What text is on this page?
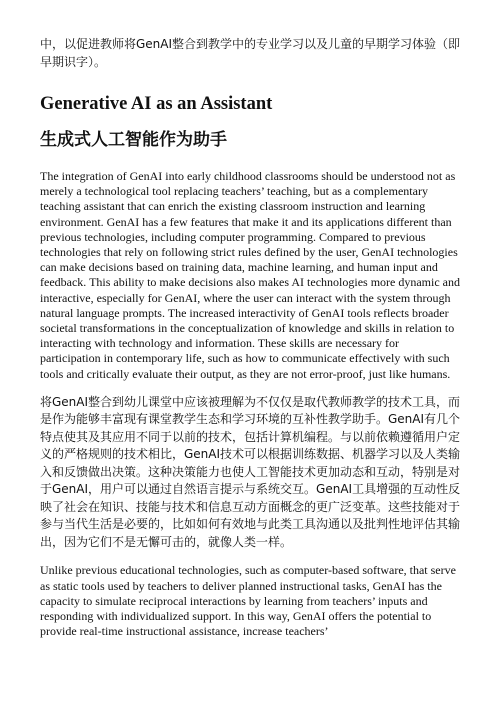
中，以促进教师将GenAI整合到教学中的专业学习以及儿童的早期学习体验（即早期识字）。

Generative AI as an Assistant
生成式人工智能作为助手

The integration of GenAI into early childhood classrooms should be understood not as merely a technological tool replacing teachers’ teaching, but as a complementary teaching assistant that can enrich the existing classroom instruction and learning environment. GenAI has a few features that make it and its applications different than previous technologies, including computer programming. Compared to previous technologies that rely on following strict rules defined by the user, GenAI technologies can make decisions based on training data, machine learning, and human input and feedback. This ability to make decisions also makes AI technologies more dynamic and interactive, especially for GenAI, where the user can interact with the system through natural language prompts. The increased interactivity of GenAI tools reflects broader societal transformations in the conceptualization of knowledge and skills in relation to interacting with technology and information. These skills are necessary for participation in contemporary life, such as how to communicate effectively with such tools and critically evaluate their output, as they are not error-proof, just like humans.

将GenAI整合到幼儿课堂中应该被理解为不仅仅是取代教师教学的技术工具，而是作为能够丰富现有课堂教学生态和学习环境的互补性教学助手。GenAI有几个特点使其及其应用不同于以前的技术，包括计算机编程。与以前依赖遵循用户定义的严格规则的技术相比，GenAI技术可以根据训练数据、机器学习以及人类输入和反馈做出决策。这种决策能力也使人工智能技术更加动态和互动，特别是对于GenAI，用户可以通过自然语言提示与系统交互。GenAI工具增强的互动性反映了社会在知识、技能与技术和信息互动方面概念的更广泛变革。这些技能对于参与当代生活是必要的，比如如何有效地与此类工具沟通以及批判性地评估其输出，因为它们不是无懈可击的，就像人类一样。

Unlike previous educational technologies, such as computer-based software, that serve as static tools used by teachers to deliver planned instructional tasks, GenAI has the capacity to simulate reciprocal interactions by learning from teachers’ inputs and responding with individualized support. In this way, GenAI offers the potential to provide real-time instructional assistance, increase teachers’
